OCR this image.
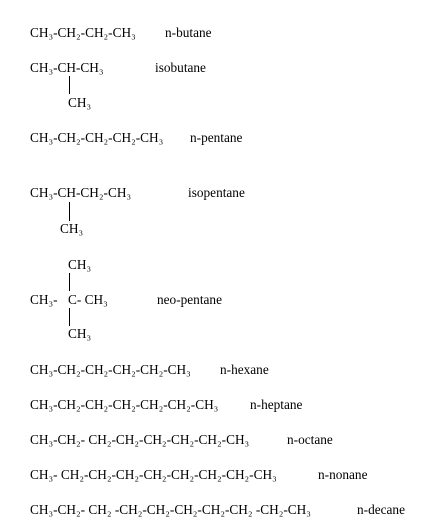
CH₃-CH₂-CH₂-CH₃ n-butane
CH₃-CH-CH₃	isobutane
CH₃
CH₃-CH₂-CH₂-CH₂-CH₃ n-pentane
CH₃-CH-CH₂-CH₃	isopentane
CH₃
CH₃
CH₃- C- CH₃	neo-pentane
CH₃
CH₃-CH₂-CH₂-CH₂-CH₂-CH₃ n-hexane
CH₃-CH₂-CH₂-CH₂-CH₂-CH₂-CH₃ n-heptane
CH₃-CH₂- CH₂-CH₂-CH₂-CH₂-CH₂-CH₃	n-octane
CH₃- CH₂-CH₂-CH₂-CH₂-CH₂-CH₂-CH₂-CH₃	n-nonane
CH₃-CH₂- CH₂ -CH₂-CH₂-CH₂-CH₂-CH₂ -CH₂-CH₃	n-decane
